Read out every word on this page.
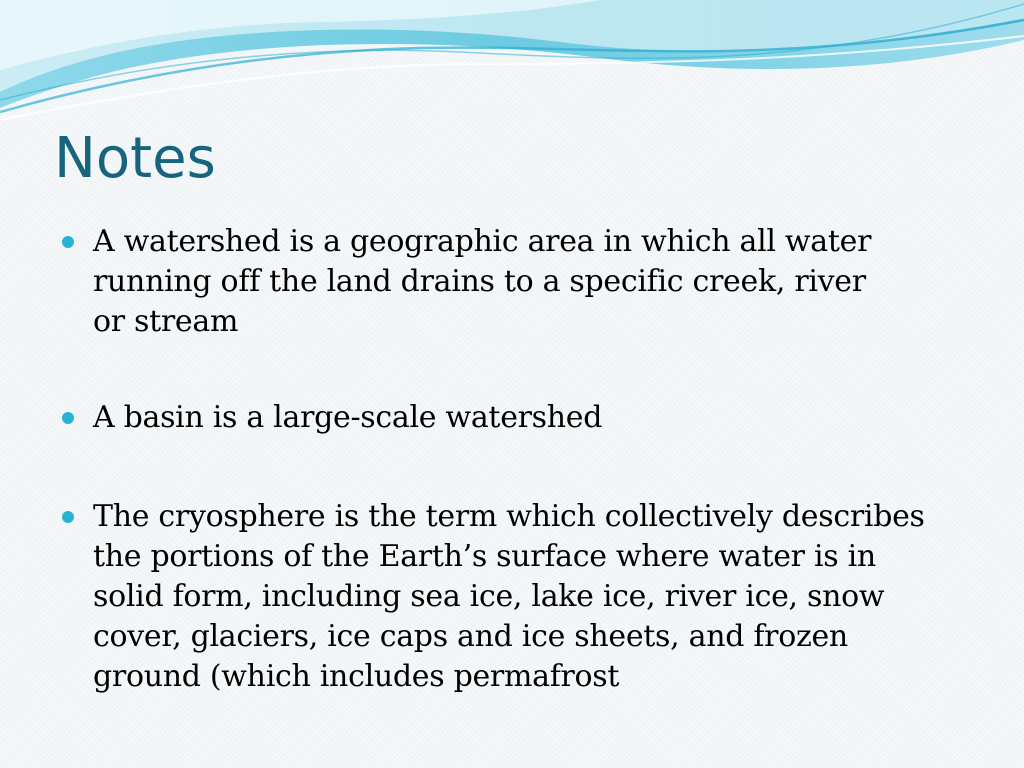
Notes
A watershed is a geographic area in which all water
running off the land drains to a specific creek, river
or stream
A basin is a large-scale watershed
The cryosphere is the term which collectively describes
the portions of the Earth’s surface where water is in
solid form, including sea ice, lake ice, river ice, snow
cover, glaciers, ice caps and ice sheets, and frozen
ground (which includes permafrost
